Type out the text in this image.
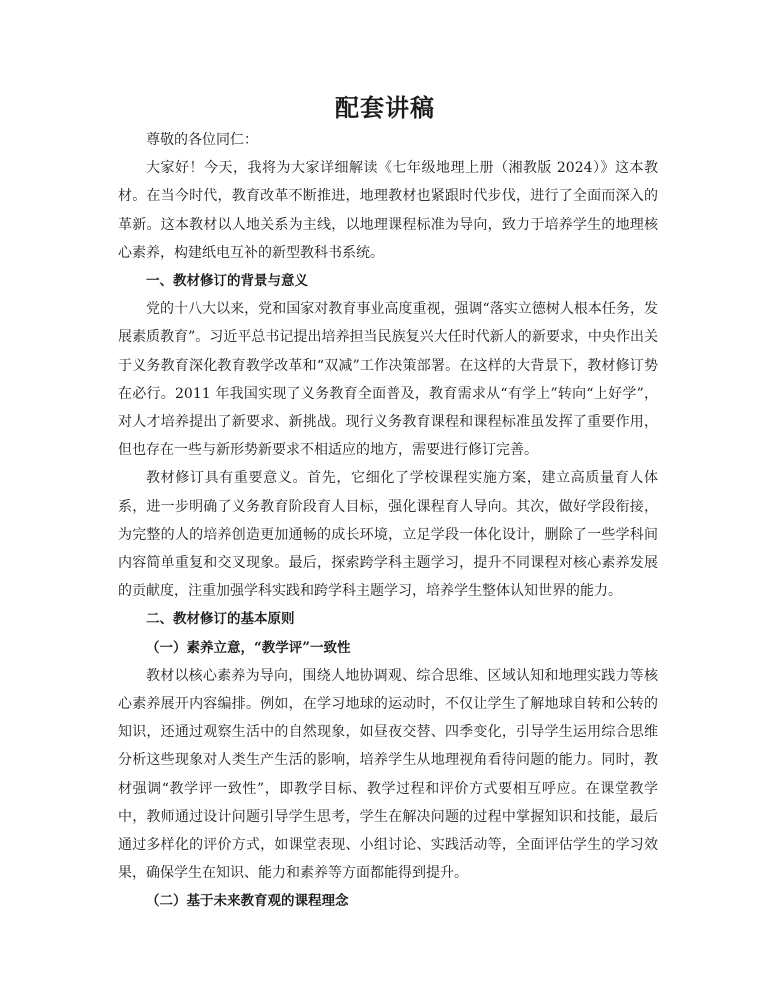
配套讲稿

尊敬的各位同仁：

大家好！今天，我将为大家详细解读《七年级地理上册（湘教版 2024）》这本教材。在当今时代，教育改革不断推进，地理教材也紧跟时代步伐，进行了全面而深入的革新。这本教材以人地关系为主线，以地理课程标准为导向，致力于培养学生的地理核心素养，构建纸电互补的新型教科书系统。

一、教材修订的背景与意义

党的十八大以来，党和国家对教育事业高度重视，强调“落实立德树人根本任务，发展素质教育”。习近平总书记提出培养担当民族复兴大任时代新人的新要求，中央作出关于义务教育深化教育教学改革和“双减”工作决策部署。在这样的大背景下，教材修订势在必行。2011 年我国实现了义务教育全面普及，教育需求从“有学上”转向“上好学”，对人才培养提出了新要求、新挑战。现行义务教育课程和课程标准虽发挥了重要作用，但也存在一些与新形势新要求不相适应的地方，需要进行修订完善。

教材修订具有重要意义。首先，它细化了学校课程实施方案，建立高质量育人体系，进一步明确了义务教育阶段育人目标，强化课程育人导向。其次，做好学段衔接，为完整的人的培养创造更加通畅的成长环境，立足学段一体化设计，删除了一些学科间内容简单重复和交叉现象。最后，探索跨学科主题学习，提升不同课程对核心素养发展的贡献度，注重加强学科实践和跨学科主题学习，培养学生整体认知世界的能力。

二、教材修订的基本原则

（一）素养立意，“教学评”一致性

教材以核心素养为导向，围绕人地协调观、综合思维、区域认知和地理实践力等核心素养展开内容编排。例如，在学习地球的运动时，不仅让学生了解地球自转和公转的知识，还通过观察生活中的自然现象，如昼夜交替、四季变化，引导学生运用综合思维分析这些现象对人类生产生活的影响，培养学生从地理视角看待问题的能力。同时，教材强调“教学评一致性”，即教学目标、教学过程和评价方式要相互呼应。在课堂教学中，教师通过设计问题引导学生思考，学生在解决问题的过程中掌握知识和技能，最后通过多样化的评价方式，如课堂表现、小组讨论、实践活动等，全面评估学生的学习效果，确保学生在知识、能力和素养等方面都能得到提升。

（二）基于未来教育观的课程理念
